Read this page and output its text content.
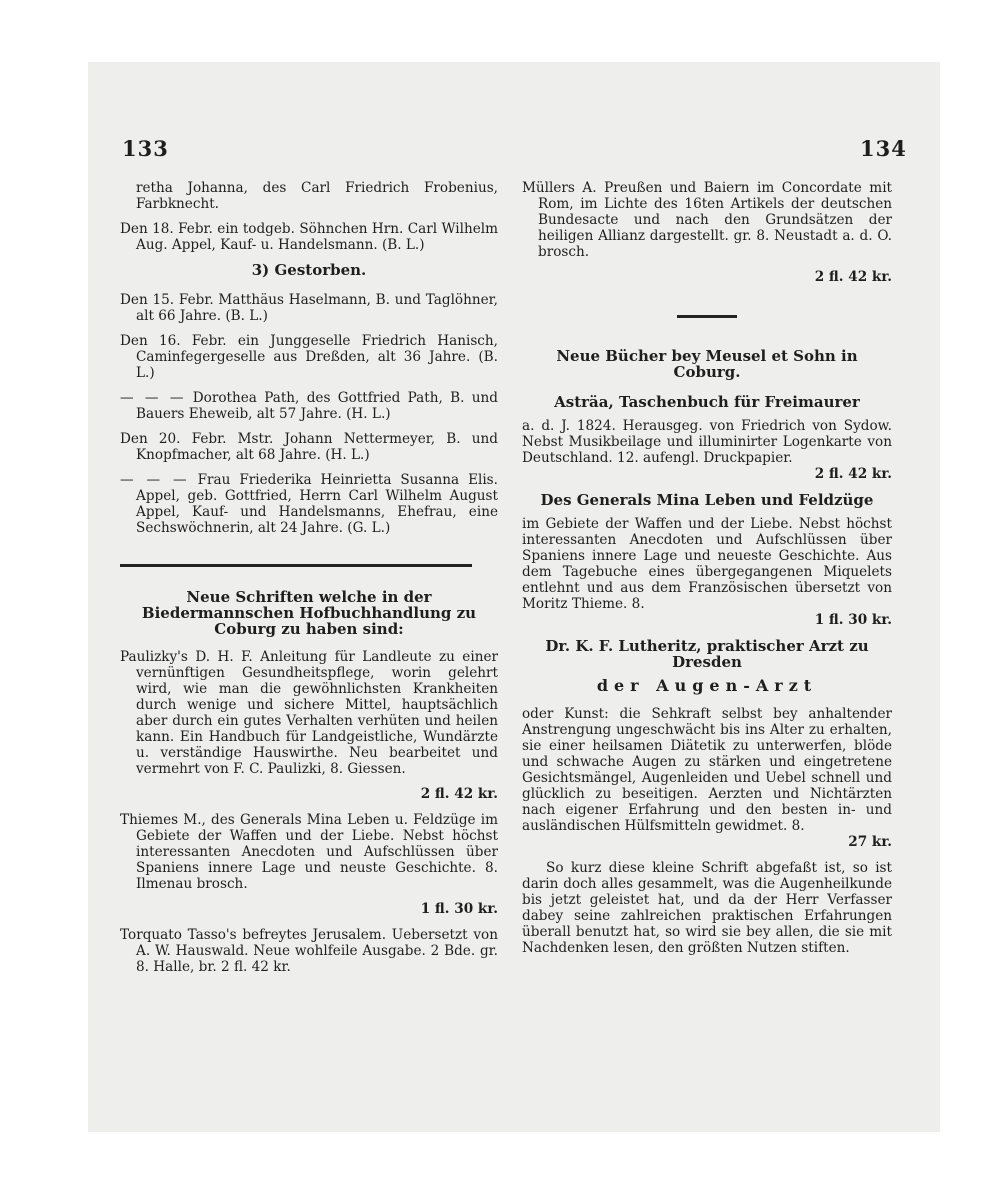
133	134

retha Johanna, des Carl Friedrich Frobenius, Farbknecht.

Den 18. Febr. ein todgeb. Söhnchen Hrn. Carl Wilhelm Aug. Appel, Kauf- u. Handelsmann. (B. L.)

3) Gestorben.

Den 15. Febr. Matthäus Haselmann, B. und Taglöhner, alt 66 Jahre. (B. L.)

Den 16. Febr. ein Junggeselle Friedrich Hanisch, Caminfegergeselle aus Dreßden, alt 36 Jahre. (B. L.)

— — — Dorothea Path, des Gottfried Path, B. und Bauers Eheweib, alt 57 Jahre. (H. L.)

Den 20. Febr. Mstr. Johann Nettermeyer, B. und Knopfmacher, alt 68 Jahre. (H. L.)

— — — Frau Friederika Heinrietta Susanna Elis. Appel, geb. Gottfried, Herrn Carl Wilhelm August Appel, Kauf- und Handelsmanns, Ehefrau, eine Sechswöchnerin, alt 24 Jahre. (G. L.)

Neue Schriften welche in der Biedermannschen Hofbuchhandlung zu Coburg zu haben sind:

Paulizky's D. H. F. Anleitung für Landleute zu einer vernünftigen Gesundheitspflege, worin gelehrt wird, wie man die gewöhnlichsten Krankheiten durch wenige und sichere Mittel, hauptsächlich aber durch ein gutes Verhalten verhüten und heilen kann. Ein Handbuch für Landgeistliche, Wundärzte u. verständige Hauswirthe. Neu bearbeitet und vermehrt von F. C. Paulizki, 8. Giessen.

2 fl. 42 kr.

Thiemes M., des Generals Mina Leben u. Feldzüge im Gebiete der Waffen und der Liebe. Nebst höchst interessanten Anecdoten und Aufschlüssen über Spaniens innere Lage und neuste Geschichte. 8. Ilmenau brosch.

1 fl. 30 kr.

Torquato Tasso's befreytes Jerusalem. Uebersetzt von A. W. Hauswald. Neue wohlfeile Ausgabe. 2 Bde. gr. 8. Halle, br. 2 fl. 42 kr.

Müllers A. Preußen und Baiern im Concordate mit Rom, im Lichte des 16ten Artikels der deutschen Bundesacte und nach den Grundsätzen der heiligen Allianz dargestellt. gr. 8. Neustadt a. d. O. brosch.

2 fl. 42 kr.

Neue Bücher bey Meusel et Sohn in Coburg.

Asträa, Taschenbuch für Freimaurer

a. d. J. 1824. Herausgeg. von Friedrich von Sydow. Nebst Musikbeilage und illuminirter Logenkarte von Deutschland. 12. aufengl. Druckpapier.

2 fl. 42 kr.

Des Generals Mina Leben und Feldzüge

im Gebiete der Waffen und der Liebe. Nebst höchst interessanten Anecdoten und Aufschlüssen über Spaniens innere Lage und neueste Geschichte. Aus dem Tagebuche eines übergegangenen Miquelets entlehnt und aus dem Französischen übersetzt von Moritz Thieme. 8.

1 fl. 30 kr.

Dr. K. F. Lutheritz, praktischer Arzt zu Dresden

der Augen-Arzt

oder Kunst: die Sehkraft selbst bey anhaltender Anstrengung ungeschwächt bis ins Alter zu erhalten, sie einer heilsamen Diätetik zu unterwerfen, blöde und schwache Augen zu stärken und eingetretene Gesichtsmängel, Augenleiden und Uebel schnell und glücklich zu beseitigen. Aerzten und Nichtärzten nach eigener Erfahrung und den besten in- und ausländischen Hülfsmitteln gewidmet. 8.

27 kr.

So kurz diese kleine Schrift abgefaßt ist, so ist darin doch alles gesammelt, was die Augenheilkunde bis jetzt geleistet hat, und da der Herr Verfasser dabey seine zahlreichen praktischen Erfahrungen überall benutzt hat, so wird sie bey allen, die sie mit Nachdenken lesen, den größten Nutzen stiften.
